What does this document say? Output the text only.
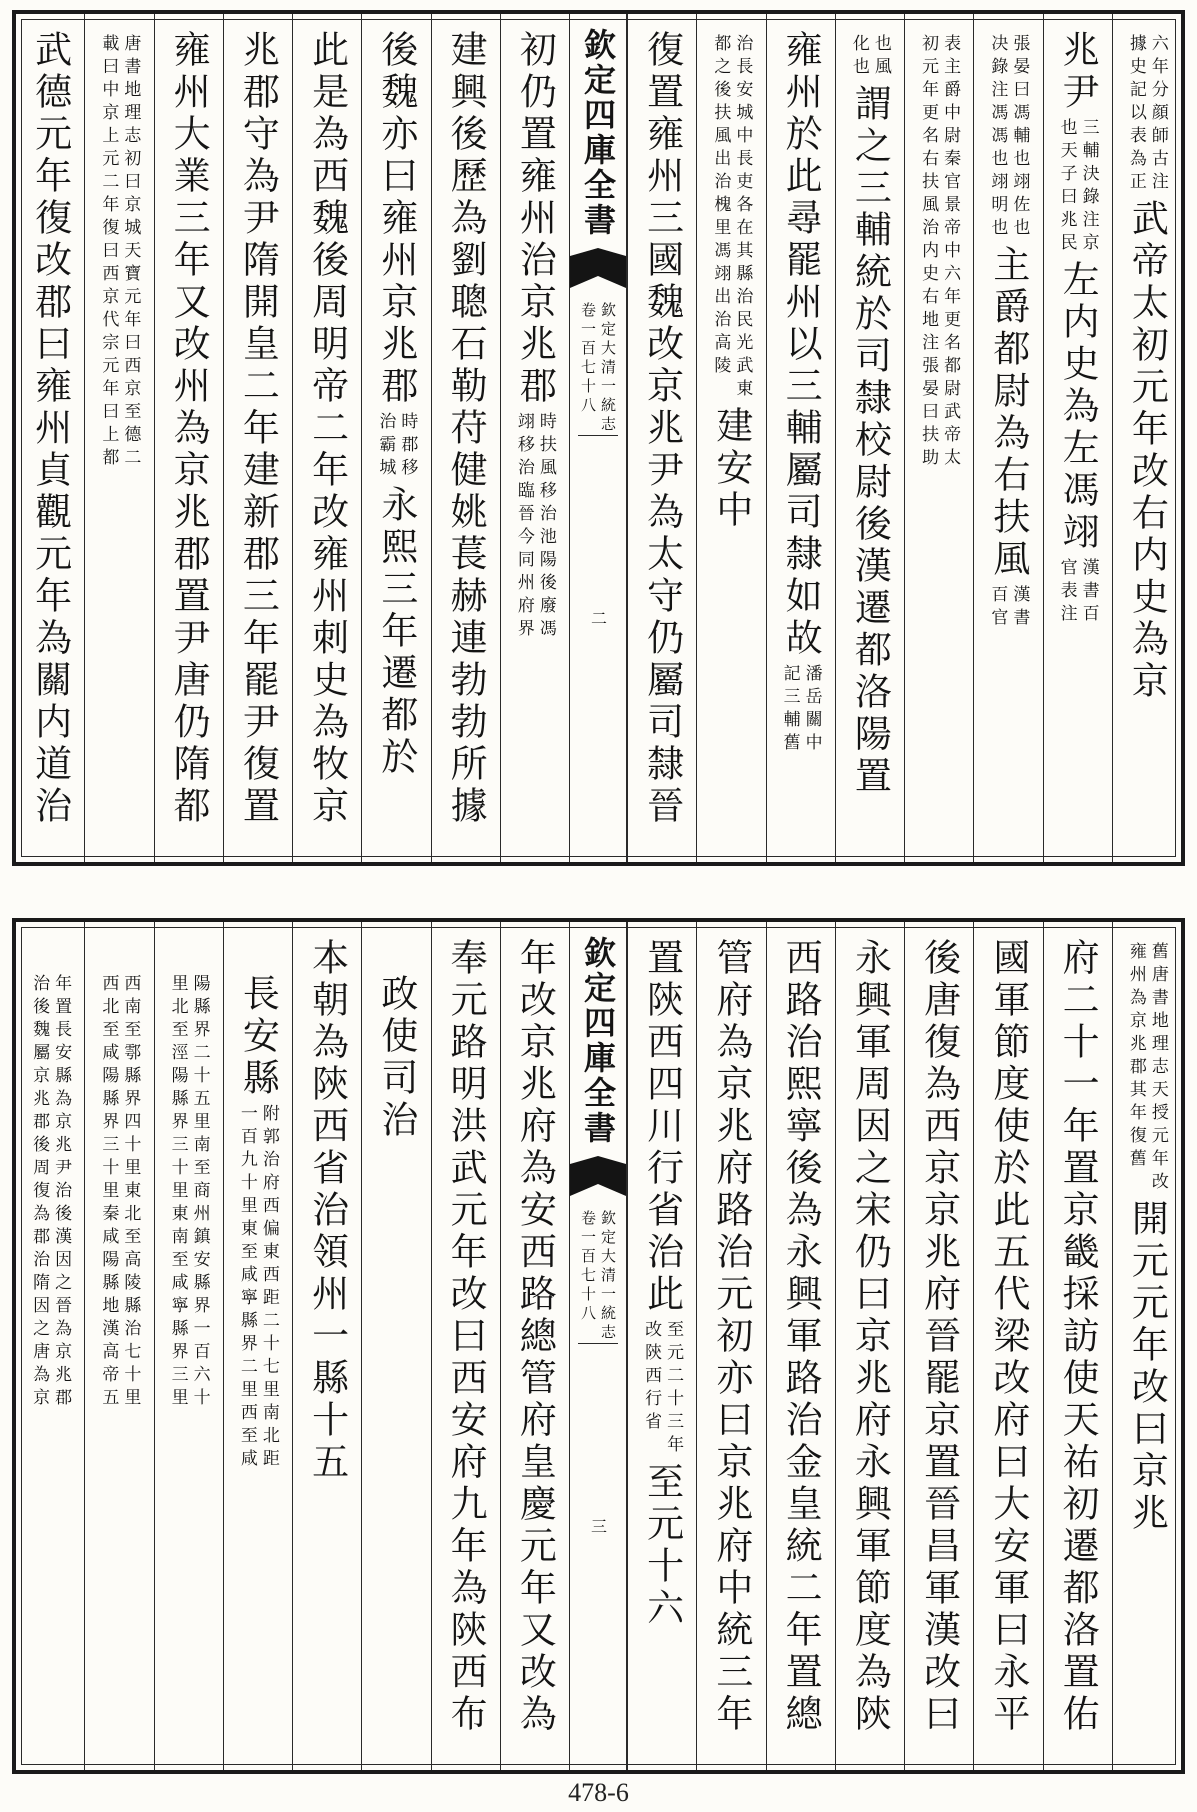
六年分顔師古注
據史記以表為正
武帝太初元年改右内史為京
兆尹
三輔決錄注京
也天子曰兆民
左内史為左馮翊
漢書百
官表注
張晏曰馮輔也翊佐也
决錄注馮馮也翊明也
主爵都尉為右扶風
漢書
百官
表主爵中尉秦官景帝中六年更名都尉武帝太
初元年更名右扶風治内史右地注張晏曰扶助
也風
化也
謂之三輔統於司隸校尉後漢遷都洛陽置
雍州於此尋罷州以三輔屬司隸如故
潘岳關中
記三輔舊
治長安城中長吏各在其縣治民光武東
都之後扶風出治槐里馮翊出治高陵
建安中
復置雍州三國魏改京兆尹為太守仍屬司隸晉
欽定四庫全書
欽定大清一統志
卷一百七十八
二
初仍置雍州治京兆郡
時扶風移治池陽後廢馮
翊移治臨晉今同州府界
建興後歷為劉聰石勒苻健姚萇赫連勃勃所據
後魏亦曰雍州京兆郡
時郡移
治霸城
永熙三年遷都於
此是為西魏後周明帝二年改雍州刺史為牧京
兆郡守為尹隋開皇二年建新郡三年罷尹復置
雍州大業三年又改州為京兆郡置尹唐仍隋都
唐書地理志初曰京城天寶元年曰西京至德二
載曰中京上元二年復曰西京代宗元年曰上都
武德元年復改郡曰雍州貞觀元年為關内道治
舊唐書地理志天授元年改
雍州為京兆郡其年復舊
開元元年改曰京兆
府二十一年置京畿採訪使天祐初遷都洛置佑
國軍節度使於此五代梁改府曰大安軍曰永平
後唐復為西京京兆府晉罷京置晉昌軍漢改曰
永興軍周因之宋仍曰京兆府永興軍節度為陝
西路治熙寧後為永興軍路治金皇統二年置總
管府為京兆府路治元初亦曰京兆府中統三年
置陝西四川行省治此
至元二十三年
改陝西行省
至元十六
欽定四庫全書
欽定大清一統志
卷一百七十八
三
年改京兆府為安西路總管府皇慶元年又改為
奉元路明洪武元年改曰西安府九年為陝西布
政使司治
本朝為陝西省治領州一縣十五
長安縣
附郭治府西偏東西距二十七里南北距
一百九十里東至咸寧縣界二里西至咸
陽縣界二十五里南至商州鎮安縣界一百六十
里北至涇陽縣界三十里東南至咸寧縣界三里
西南至鄠縣界四十里東北至高陵縣治七十里
西北至咸陽縣界三十里秦咸陽縣地漢高帝五
年置長安縣為京兆尹治後漢因之晉為京兆郡
治後魏屬京兆郡後周復為郡治隋因之唐為京
478-6
